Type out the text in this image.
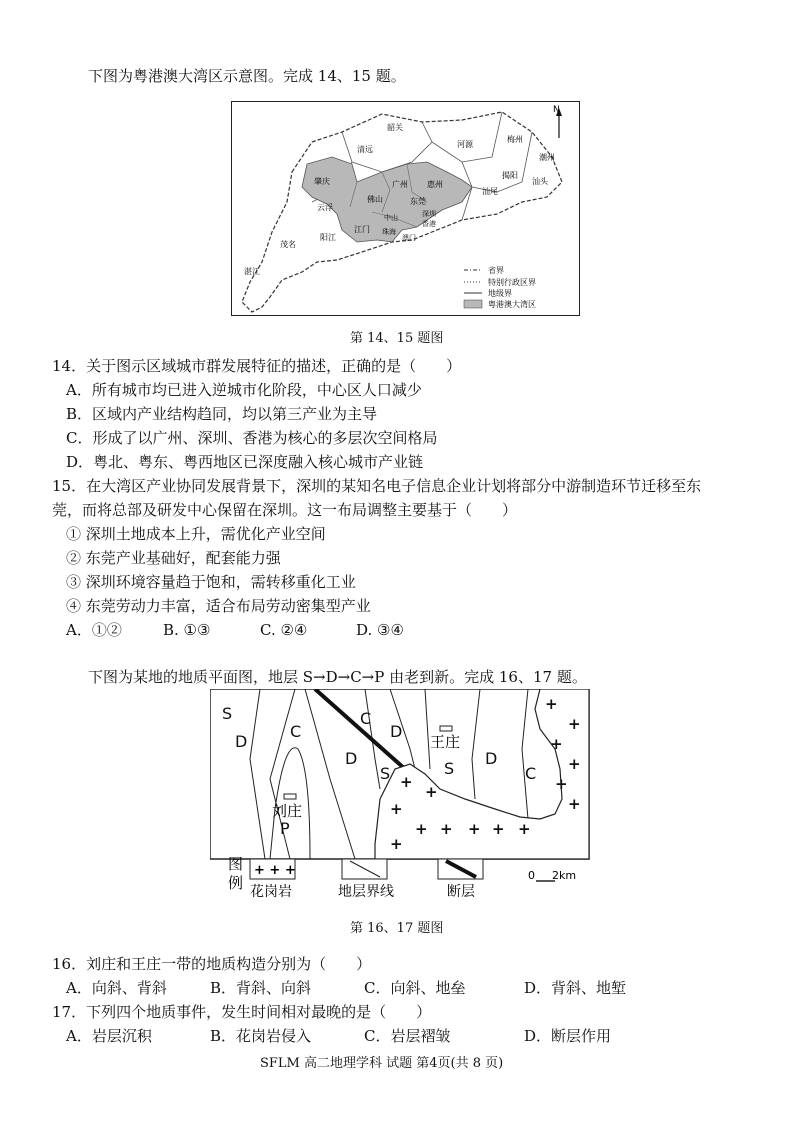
下图为粤港澳大湾区示意图。完成 14、15 题。
N
韶关
河源
梅州
潮州
揭阳
汕头
汕尾
清远
肇庆	广州 惠州
佛山	东莞
深圳
香港
中山
江门 珠海
澳门
云浮
阳江
茂名
湛江	省界
特别行政区界
地级界
粤港澳大湾区
第 14、15 题图
14．关于图示区域城市群发展特征的描述，正确的是（　　）
A．所有城市均已进入逆城市化阶段，中心区人口减少
B．区域内产业结构趋同，均以第三产业为主导
C．形成了以广州、深圳、香港为核心的多层次空间格局
D．粤北、粤东、粤西地区已深度融入核心城市产业链
15．在大湾区产业协同发展背景下，深圳的某知名电子信息企业计划将部分中游制造环节迁移至东
莞，而将总部及研发中心保留在深圳。这一布局调整主要基于（　　）
① 深圳土地成本上升，需优化产业空间
② 东莞产业基础好，配套能力强
③ 深圳环境容量趋于饱和，需转移重化工业
④ 东莞劳动力丰富，适合布局劳动密集型产业
A．①②	B. ①③	C. ②④	D. ③④
下图为某地的地质平面图，地层 S→D→C→P 由老到新。完成 16、17 题。
+
+
+
+
+
+
+
+
+
+ + + + +
+
S
D
C
C
D
D
S	S
D
C
P
王庄
刘庄
图
例
+ + +
花岗岩	地层界线	断层
0 2km
第 16、17 题图
16．刘庄和王庄一带的地质构造分别为（　　）
A．向斜、背斜	B．背斜、向斜	C．向斜、地垒	D．背斜、地堑
17．下列四个地质事件，发生时间相对最晚的是（　　）
A．岩层沉积	B．花岗岩侵入	C．岩层褶皱	D．断层作用
SFLM 高二地理学科 试题 第4页(共 8 页)
